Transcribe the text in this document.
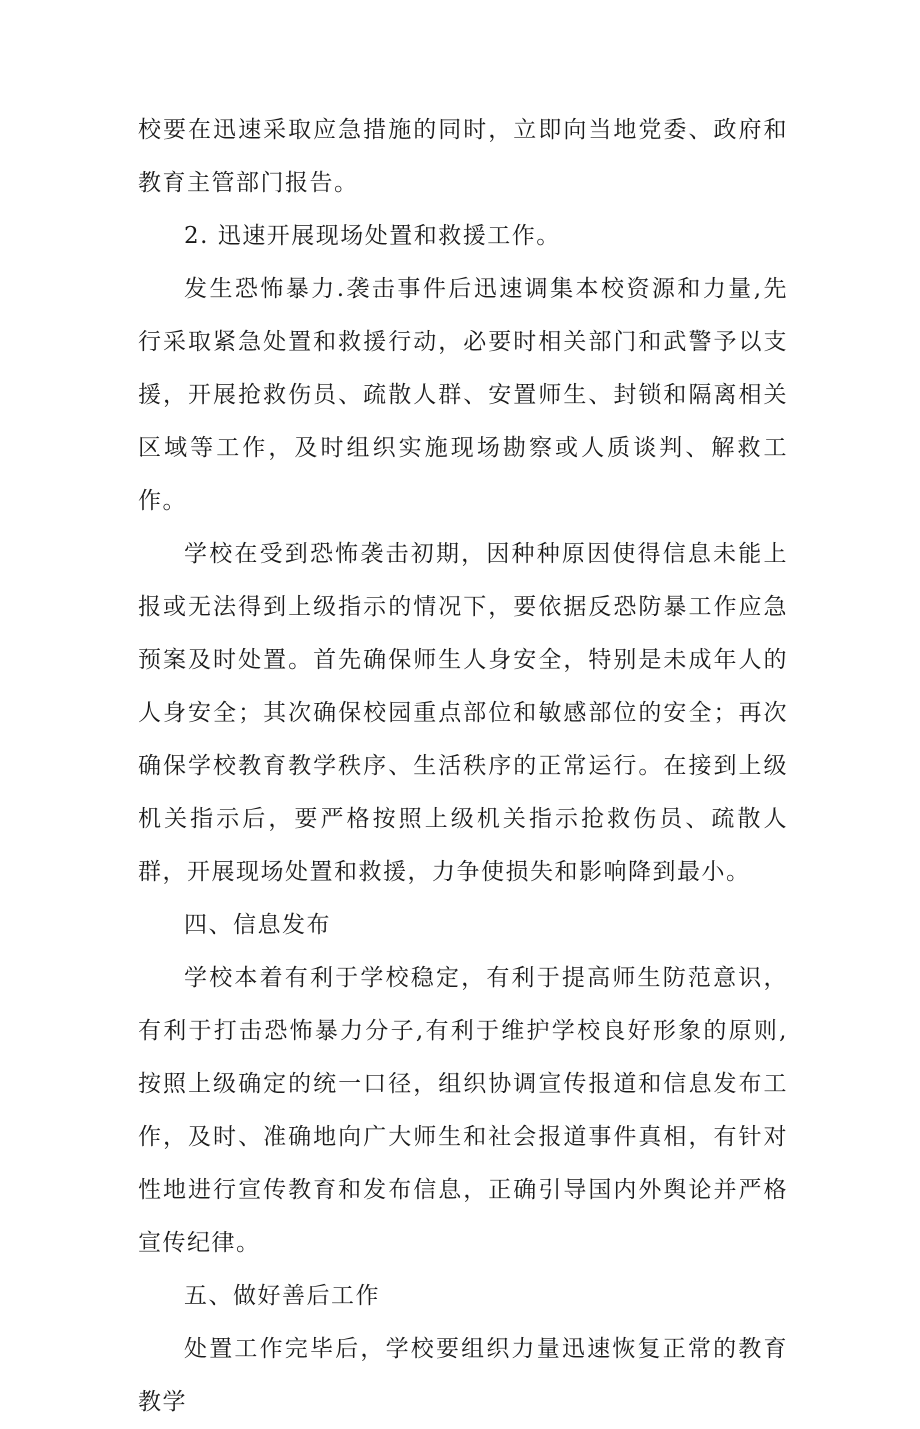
校要在迅速采取应急措施的同时，立即向当地党委、政府和教育主管部门报告。

2. 迅速开展现场处置和救援工作。

发生恐怖暴力.袭击事件后迅速调集本校资源和力量,先行采取紧急处置和救援行动，必要时相关部门和武警予以支援，开展抢救伤员、疏散人群、安置师生、封锁和隔离相关区域等工作，及时组织实施现场勘察或人质谈判、解救工作。

学校在受到恐怖袭击初期，因种种原因使得信息未能上报或无法得到上级指示的情况下，要依据反恐防暴工作应急预案及时处置。首先确保师生人身安全，特别是未成年人的人身安全；其次确保校园重点部位和敏感部位的安全；再次确保学校教育教学秩序、生活秩序的正常运行。在接到上级机关指示后，要严格按照上级机关指示抢救伤员、疏散人群，开展现场处置和救援，力争使损失和影响降到最小。

四、信息发布

学校本着有利于学校稳定，有利于提高师生防范意识，有利于打击恐怖暴力分子,有利于维护学校良好形象的原则,按照上级确定的统一口径，组织协调宣传报道和信息发布工作，及时、准确地向广大师生和社会报道事件真相，有针对性地进行宣传教育和发布信息，正确引导国内外舆论并严格宣传纪律。

五、做好善后工作

处置工作完毕后，学校要组织力量迅速恢复正常的教育教学
